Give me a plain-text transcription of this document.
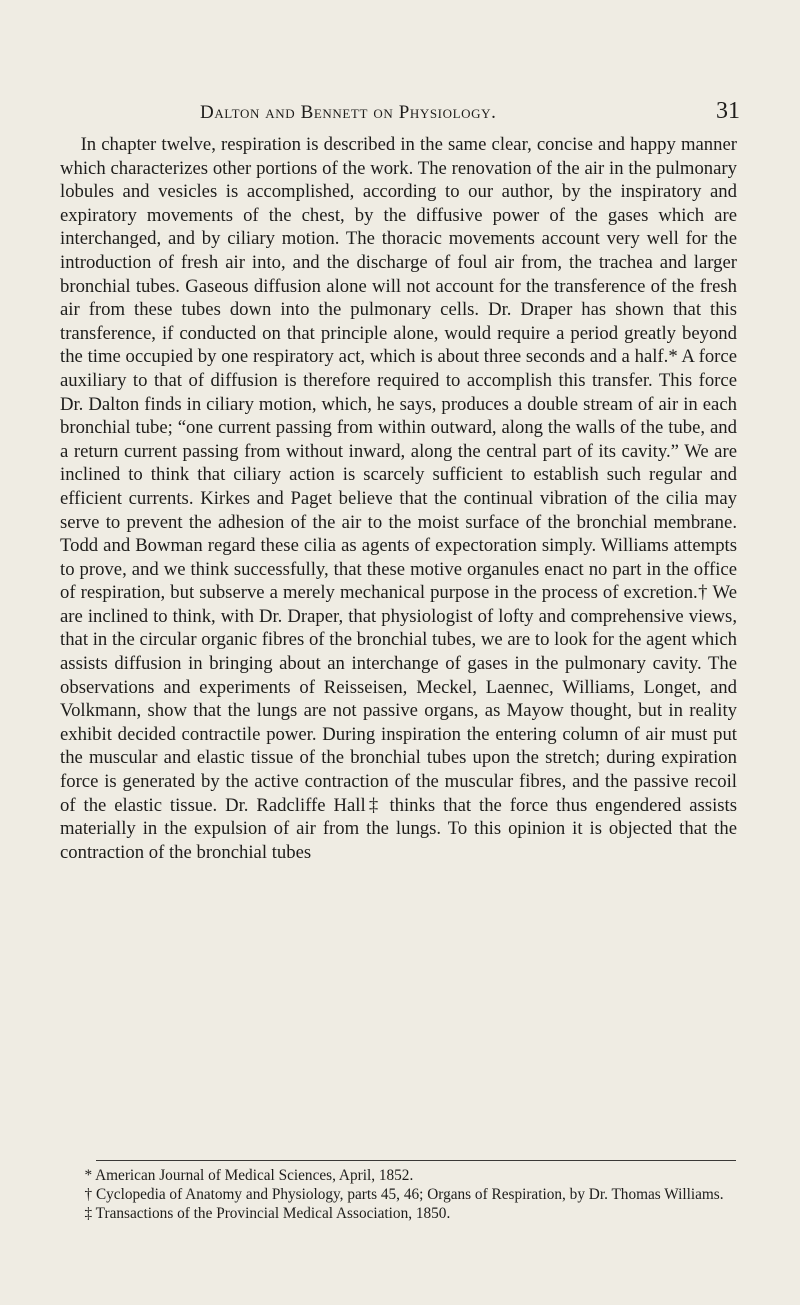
Dalton and Bennett on Physiology.	31

In chapter twelve, respiration is described in the same clear, concise and happy manner which characterizes other portions of the work. The renovation of the air in the pulmonary lobules and vesicles is accomplished, according to our author, by the inspiratory and expiratory movements of the chest, by the diffusive power of the gases which are interchanged, and by ciliary motion. The thoracic movements account very well for the introduction of fresh air into, and the discharge of foul air from, the trachea and larger bronchial tubes. Gaseous diffusion alone will not account for the transference of the fresh air from these tubes down into the pulmonary cells. Dr. Draper has shown that this transference, if conducted on that principle alone, would require a period greatly beyond the time occupied by one respiratory act, which is about three seconds and a half.* A force auxiliary to that of diffusion is therefore required to accomplish this transfer. This force Dr. Dalton finds in ciliary motion, which, he says, produces a double stream of air in each bronchial tube; “one current passing from within outward, along the walls of the tube, and a return current passing from without inward, along the central part of its cavity.” We are inclined to think that ciliary action is scarcely sufficient to establish such regular and efficient currents. Kirkes and Paget believe that the continual vibration of the cilia may serve to prevent the adhesion of the air to the moist surface of the bronchial membrane. Todd and Bowman regard these cilia as agents of expectoration simply. Williams attempts to prove, and we think successfully, that these motive organules enact no part in the office of respiration, but subserve a merely mechanical purpose in the process of excretion.† We are inclined to think, with Dr. Draper, that physiologist of lofty and comprehensive views, that in the circular organic fibres of the bronchial tubes, we are to look for the agent which assists diffusion in bringing about an interchange of gases in the pulmonary cavity. The observations and experiments of Reisseisen, Meckel, Laennec, Williams, Longet, and Volkmann, show that the lungs are not passive organs, as Mayow thought, but in reality exhibit decided contractile power. During inspiration the entering column of air must put the muscular and elastic tissue of the bronchial tubes upon the stretch; during expiration force is generated by the active contraction of the muscular fibres, and the passive recoil of the elastic tissue. Dr. Radcliffe Hall‡ thinks that the force thus engendered assists materially in the expulsion of air from the lungs. To this opinion it is objected that the contraction of the bronchial tubes

* American Journal of Medical Sciences, April, 1852.

† Cyclopedia of Anatomy and Physiology, parts 45, 46; Organs of Respiration, by Dr. Thomas Williams.

‡ Transactions of the Provincial Medical Association, 1850.
